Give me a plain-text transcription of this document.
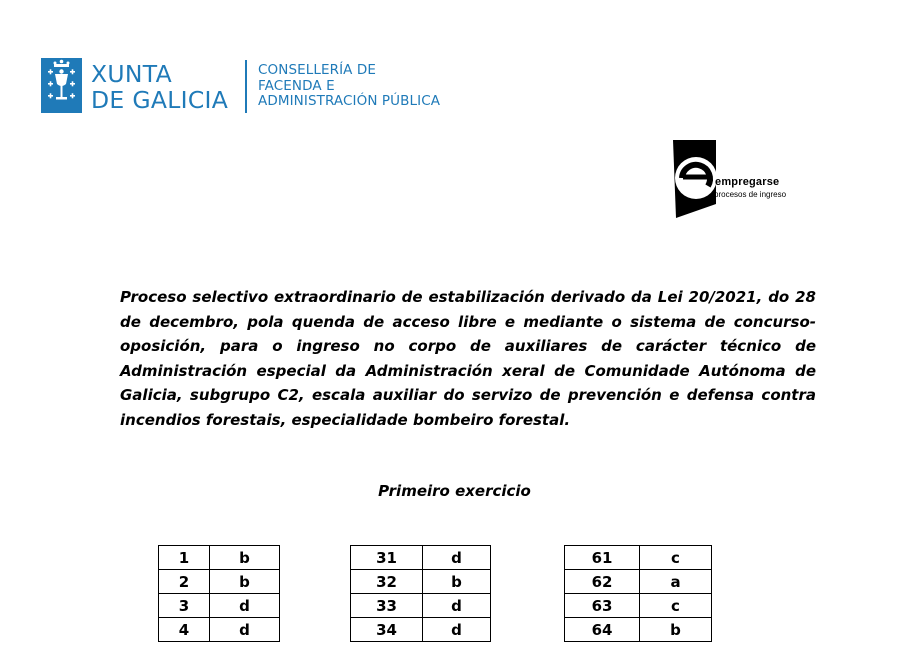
XUNTA
DE GALICIA
CONSELLERÍA DE
FACENDA E
ADMINISTRACIÓN PÚBLICA
empregarse
procesos de ingreso

Proceso selectivo extraordinario de estabilización derivado da Lei 20/2021, do 28 de decembro, pola quenda de acceso libre e mediante o sistema de concurso-oposición, para o ingreso no corpo de auxiliares de carácter técnico de Administración especial da Administración xeral de Comunidade Autónoma de Galicia, subgrupo C2, escala auxiliar do servizo de prevención e defensa contra incendios forestais, especialidade bombeiro forestal.

Primeiro exercicio

1	b
2	b
3	d
4	d
31	d
32	b
33	d
34	d
61	c
62	a
63	c
64	b
